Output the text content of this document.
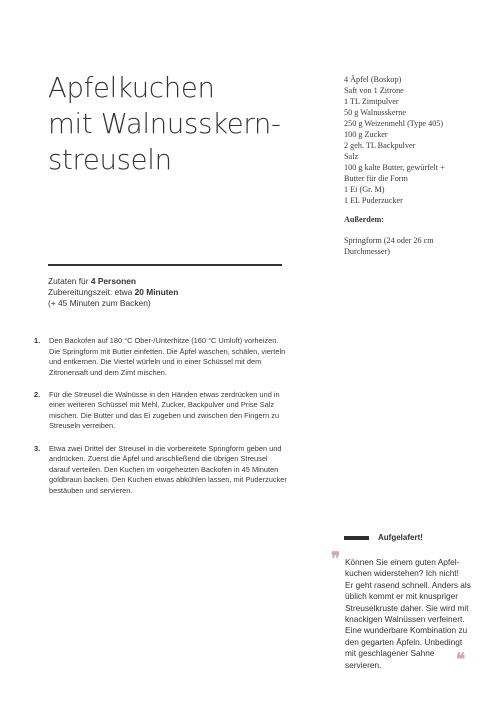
Apfelkuchen
mit Walnusskern-
streuseln
4 Äpfel (Boskop)
Saft von 1 Zitrone
1 TL Zimtpulver
50 g Walnusskerne
250 g Weizenmehl (Type 405)
100 g Zucker
2 geh. TL Backpulver
Salz
100 g kalte Butter, gewürfelt +
Butter für die Form
1 Ei (Gr. M)
1 EL Puderzucker
Außerdem:
Springform (24 oder 26 cm Durchmesser)
Zutaten für 4 Personen
Zubereitungszeit: etwa 20 Minuten
(+ 45 Minuten zum Backen)
1. Den Backofen auf 180 °C Ober-/Unterhitze (160 °C Umluft) vorheizen. Die Springform mit Butter einfetten. Die Äpfel waschen, schälen, vierteln und entkernen. Die Viertel würfeln und in einer Schüssel mit dem Zitronensaft und dem Zimt mischen.
2. Für die Streusel die Walnüsse in den Händen etwas zerdrücken und in einer weiteren Schüssel mit Mehl, Zucker, Backpulver und Prise Salz mischen. Die Butter und das Ei zugeben und zwischen den Fingern zu Streuseln verreiben.
3. Etwa zwei Drittel der Streusel in die vorbereitete Springform geben und andrücken. Zuerst die Äpfel und anschließend die übrigen Streusel darauf verteilen. Den Kuchen im vorgeheizten Backofen in 45 Minuten goldbraun backen. Den Kuchen etwas abkühlen lassen, mit Puderzucker bestäuben und servieren.
Aufgelafert!
❞ Können Sie einem guten Apfel-
kuchen widerstehen? Ich nicht!
Er geht rasend schnell. Anders als
üblich kommt er mit knuspriger
Streuselkruste daher. Sie wird mit
knackigen Walnüssen verfeinert.
Eine wunderbare Kombination zu
den gegarten Äpfeln. Unbedingt
mit geschlagener Sahne
servieren.	❝
